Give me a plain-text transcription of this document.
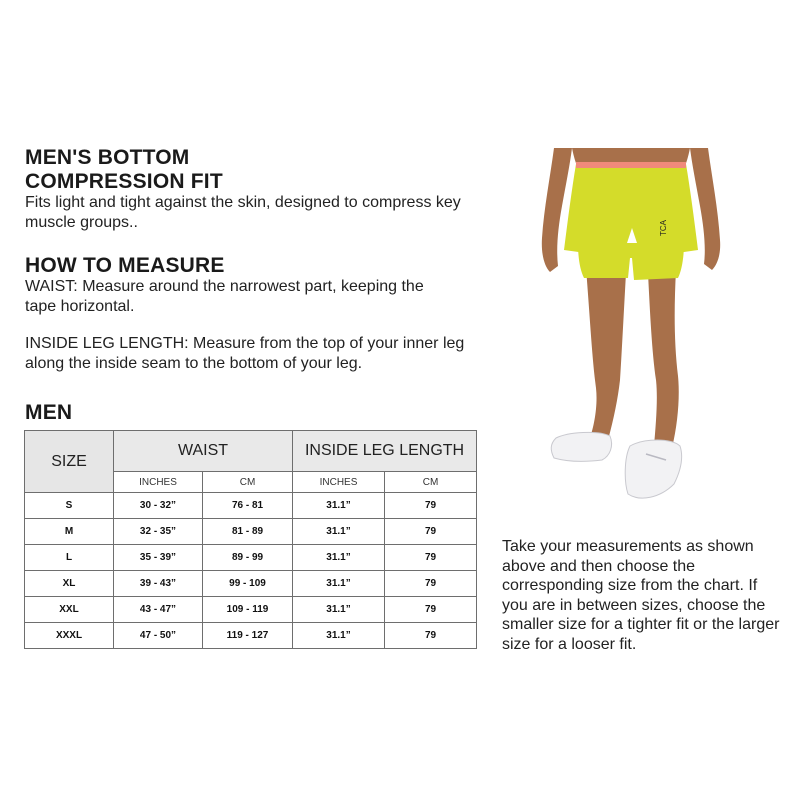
MEN'S BOTTOM
COMPRESSION FIT
Fits light and tight against the skin, designed to compress key muscle groups..
HOW TO MEASURE
WAIST: Measure around the narrowest part, keeping the tape horizontal.
INSIDE LEG LENGTH: Measure from the top of your inner leg along the inside seam to the bottom of your leg.
MEN
SIZE	WAIST		INSIDE LEG LENGTH	
	INCHES	CM	INCHES	CM
S	30 - 32”	76 - 81	31.1”	79
M	32 - 35”	81 - 89	31.1”	79
L	35 - 39”	89 - 99	31.1”	79
XL	39 - 43”	99 - 109	31.1”	79
XXL	43 - 47”	109 - 119	31.1”	79
XXXL	47 - 50”	119 - 127	31.1”	79
Take your measurements as shown above and then choose the corresponding size from the chart. If you are in between sizes, choose the smaller size for a tighter fit or the larger size for a looser fit.
TCA
